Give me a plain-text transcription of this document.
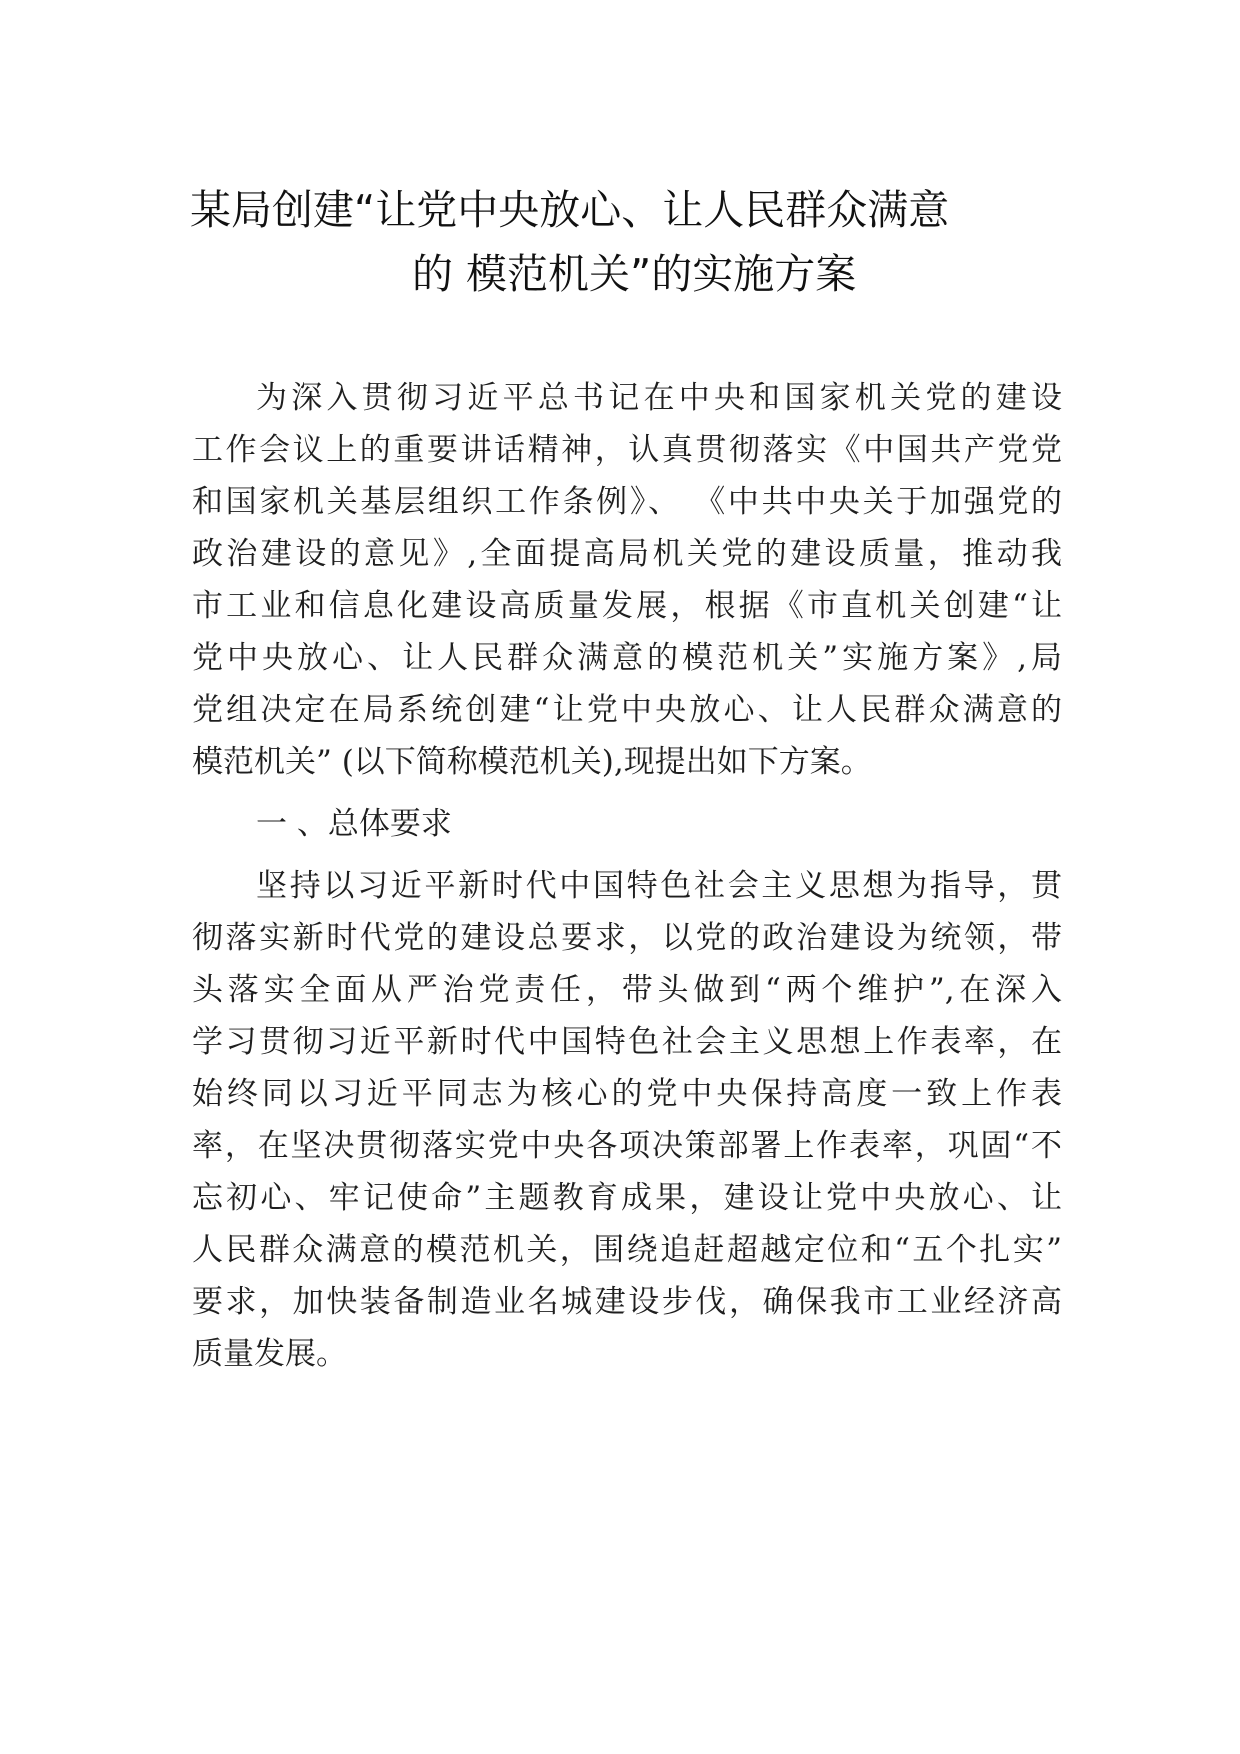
某局创建“让党中央放心、让人民群众满意
的 模范机关”的实施方案
为深入贯彻习近平总书记在中央和国家机关党的建设
工作会议上的重要讲话精神，认真贯彻落实《中国共产党党
和国家机关基层组织工作条例》、 《中共中央关于加强党的
政治建设的意见》,全面提高局机关党的建设质量，推动我
市工业和信息化建设高质量发展，根据《市直机关创建“让
党中央放心、让人民群众满意的模范机关”实施方案》,局
党组决定在局系统创建“让党中央放心、让人民群众满意的
模范机关” (以下简称模范机关),现提出如下方案。
一 、总体要求
坚持以习近平新时代中国特色社会主义思想为指导，贯
彻落实新时代党的建设总要求，以党的政治建设为统领，带
头落实全面从严治党责任，带头做到“两个维护”,在深入
学习贯彻习近平新时代中国特色社会主义思想上作表率，在
始终同以习近平同志为核心的党中央保持高度一致上作表
率，在坚决贯彻落实党中央各项决策部署上作表率，巩固“不
忘初心、牢记使命”主题教育成果，建设让党中央放心、让
人民群众满意的模范机关，围绕追赶超越定位和“五个扎实”
要求，加快装备制造业名城建设步伐，确保我市工业经济高
质量发展。
